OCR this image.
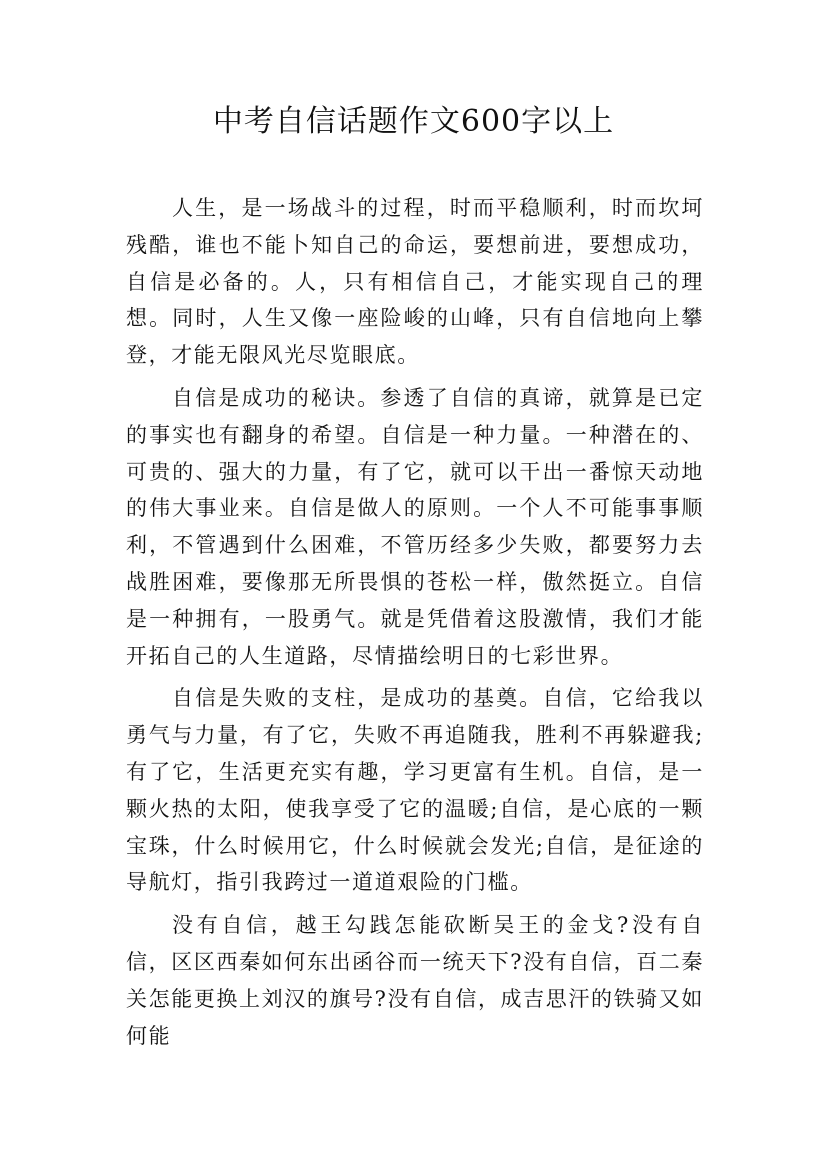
中考自信话题作文600字以上

人生，是一场战斗的过程，时而平稳顺利，时而坎坷残酷，谁也不能卜知自己的命运，要想前进，要想成功，自信是必备的。人，只有相信自己，才能实现自己的理想。同时，人生又像一座险峻的山峰，只有自信地向上攀登，才能无限风光尽览眼底。

自信是成功的秘诀。参透了自信的真谛，就算是已定的事实也有翻身的希望。自信是一种力量。一种潜在的、可贵的、强大的力量，有了它，就可以干出一番惊天动地的伟大事业来。自信是做人的原则。一个人不可能事事顺利，不管遇到什么困难，不管历经多少失败，都要努力去战胜困难，要像那无所畏惧的苍松一样，傲然挺立。自信是一种拥有，一股勇气。就是凭借着这股激情，我们才能开拓自己的人生道路，尽情描绘明日的七彩世界。

自信是失败的支柱，是成功的基奠。自信，它给我以勇气与力量，有了它，失败不再追随我，胜利不再躲避我;有了它，生活更充实有趣，学习更富有生机。自信，是一颗火热的太阳，使我享受了它的温暖;自信，是心底的一颗宝珠，什么时候用它，什么时候就会发光;自信，是征途的导航灯，指引我跨过一道道艰险的门槛。

没有自信，越王勾践怎能砍断吴王的金戈?没有自信，区区西秦如何东出函谷而一统天下?没有自信，百二秦关怎能更换上刘汉的旗号?没有自信，成吉思汗的铁骑又如何能
